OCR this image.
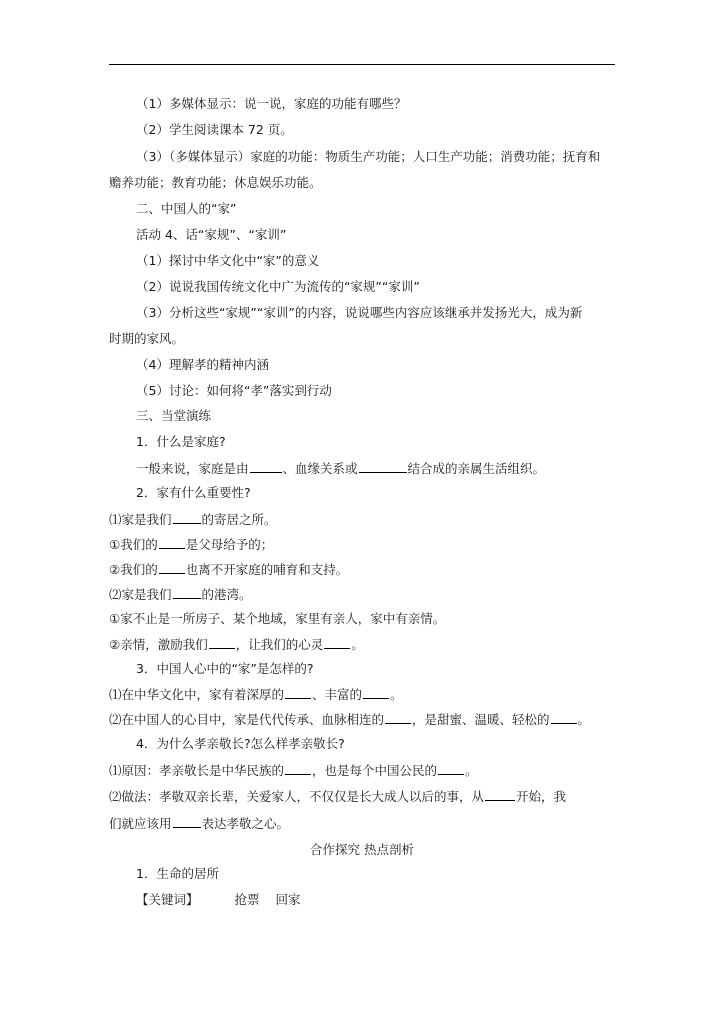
（1）多媒体显示：说一说，家庭的功能有哪些？
（2）学生阅读课本 72 页。
（3）（多媒体显示）家庭的功能：物质生产功能；人口生产功能；消费功能；抚育和
赡养功能；教育功能；休息娱乐功能。
二、中国人的“家”
活动 4、话“家规”、“家训”
（1）探讨中华文化中“家”的意义
（2）说说我国传统文化中广为流传的“家规”“家训”
（3）分析这些“家规”“家训”的内容，说说哪些内容应该继承并发扬光大，成为新
时期的家风。
（4）理解孝的精神内涵
（5）讨论：如何将“孝”落实到行动
三、当堂演练
1．什么是家庭?
一般来说，家庭是由	、血缘关系或	结合成的亲属生活组织。
2．家有什么重要性?
⑴家是我们 的寄居之所。
①我们的 是父母给予的；
②我们的 也离不开家庭的哺育和支持。
⑵家是我们 的港湾。
①家不止是一所房子、某个地域，家里有亲人，家中有亲情。
②亲情，激励我们 ，让我们的心灵 。
3．中国人心中的“家”是怎样的?
⑴在中华文化中，家有着深厚的 、丰富的 。
⑵在中国人的心目中，家是代代传承、血脉相连的 ，是甜蜜、温暖、轻松的 。
4．为什么孝亲敬长?怎么样孝亲敬长?
⑴原因：孝亲敬长是中华民族的 ，也是每个中国公民的 。
⑵做法：孝敬双亲长辈，关爱家人，不仅仅是长大成人以后的事，从	开始，我
们就应该用 表达孝敬之心。
合作探究 热点剖析
1．生命的居所
【关键词】	抢票 回家
